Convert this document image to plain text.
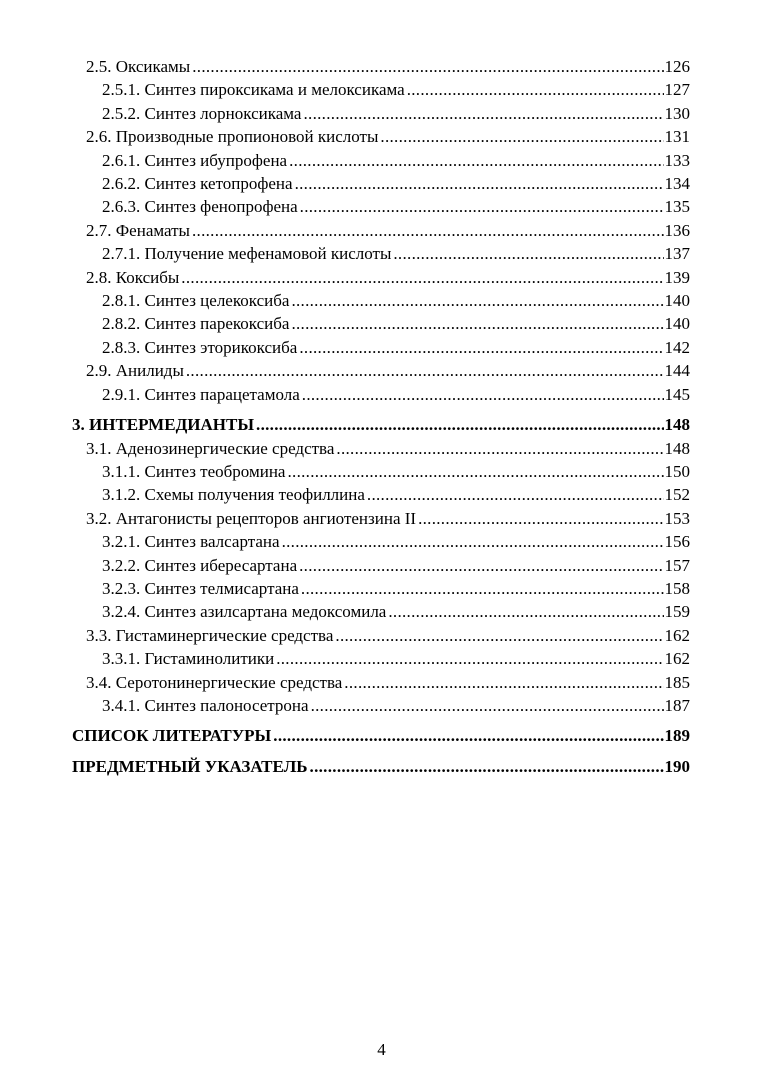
2.5. Оксикамы .....	126
2.5.1. Синтез пироксикама и мелоксикама .....	127
2.5.2. Синтез лорноксикама .....	130
2.6. Производные пропионовой кислоты .....	131
2.6.1. Синтез ибупрофена .....	133
2.6.2. Синтез кетопрофена .....	134
2.6.3. Синтез фенопрофена .....	135
2.7. Фенаматы .....	136
2.7.1. Получение мефенамовой кислоты .....	137
2.8. Коксибы .....	139
2.8.1. Синтез целекоксиба .....	140
2.8.2. Синтез парекоксиба .....	140
2.8.3. Синтез эторикоксиба .....	142
2.9. Анилиды .....	144
2.9.1. Синтез парацетамола .....	145
3. ИНТЕРМЕДИАНТЫ .....	148
3.1. Аденозинергические средства .....	148
3.1.1. Синтез теобромина .....	150
3.1.2. Схемы получения теофиллина .....	152
3.2. Антагонисты рецепторов ангиотензина II .....	153
3.2.1. Синтез валсартана .....	156
3.2.2. Синтез ибересартана .....	157
3.2.3. Синтез телмисартана .....	158
3.2.4. Синтез азилсартана медоксомила .....	159
3.3. Гистаминергические средства .....	162
3.3.1. Гистаминолитики .....	162
3.4. Серотонинергические средства .....	185
3.4.1. Синтез палоносетрона .....	187
СПИСОК ЛИТЕРАТУРЫ .....	189
ПРЕДМЕТНЫЙ УКАЗАТЕЛЬ .....	190
4
